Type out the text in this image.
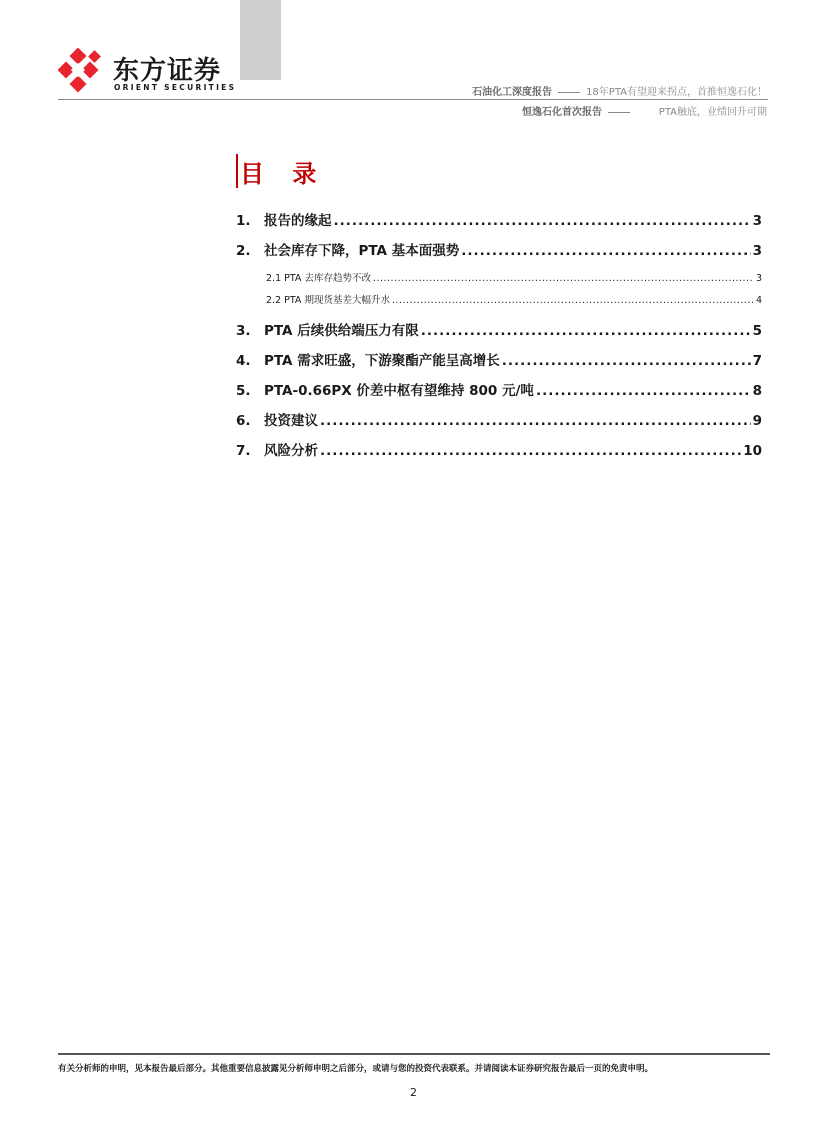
东方证券
ORIENT SECURITIES	石油化工深度报告	18年PTA有望迎来拐点，首推恒逸石化！
恒逸石化首次报告	PTA触底，业绩回升可期
目 录
1. 报告的缘起 .....	3
2. 社会库存下降，PTA 基本面强势 .....	3
2.1 PTA 去库存趋势不改 .....	3
2.2 PTA 期现货基差大幅升水 .....	4
3. PTA 后续供给端压力有限 .....	5
4. PTA 需求旺盛，下游聚酯产能呈高增长 .....	7
5. PTA-0.66PX 价差中枢有望维持 800 元/吨 .....	8
6. 投资建议 .....	9
7. 风险分析 .....	10
有关分析师的申明，见本报告最后部分。其他重要信息披露见分析师申明之后部分，或请与您的投资代表联系。并请阅读本证券研究报告最后一页的免责申明。
2
